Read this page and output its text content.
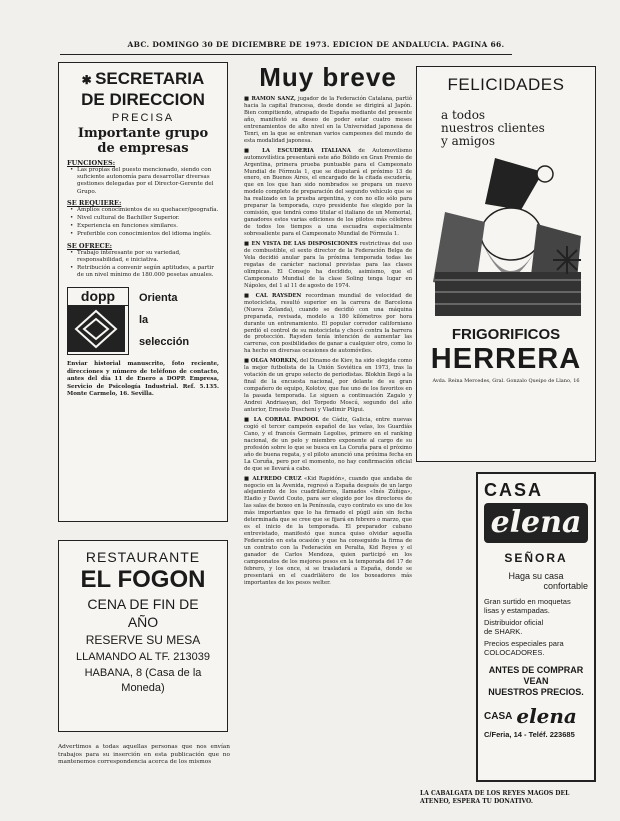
ABC. DOMINGO 30 DE DICIEMBRE DE 1973. EDICION DE ANDALUCIA. PAGINA 66.
✱ SECRETARIA
DE DIRECCION
PRECISA
Importante grupo
de empresas
FUNCIONES:
• Las propias del puesto mencionado, siendo con suficiente autonomía para desarrollar diversas gestiones delegadas por el Director-Gerente del Grupo.
SE REQUIERE:
• Amplios conocimientos de su quehacer/geografía.
• Nivel cultural de Bachiller Superior.
• Experiencia en funciones similares.
• Preferible con conocimientos del idioma inglés.
SE OFRECE:
• Trabajo interesante por su variedad, responsabilidad, e iniciativa.
• Retribución a convenir según aptitudes, a partir de un nivel mínimo de 180.000 pesetas anuales.
dopp	Orienta
la
selección
Enviar historial manuscrito, foto reciente, direcciones y número de teléfono de contacto, antes del día 11 de Enero a DOPP. Empresa, Servicio de Psicología Industrial. Ref. 5.135. Monte Carmelo, 16. Sevilla.
RESTAURANTE
EL FOGON
CENA DE FIN DE
AÑO
RESERVE SU MESA
LLAMANDO AL TF. 213039
HABANA, 8 (Casa de la
Moneda)
Advertimos a todas aquellas personas que nos envían trabajos para su inserción en esta publicación que no mantenemos correspondencia acerca de los mismos
Muy breve

■ RAMON SANZ, jugador de la Federación Catalana, partió hacia la capital francesa, desde donde se dirigirá al Japón. Bien compitiendo, atrapado de España mediante del presente año, manifestó su deseo de poder estar cuatro meses entrenamientos de alto nivel en la Universidad japonesa de Tenri, en la que se entrenan varios campeones del mundo de esta modalidad japonesa.

■ LA ESCUDERIA ITALIANA de Automovilismo automovilística presentará este año Bólido en Gran Premio de Argentina, primera prueba puntuable para el Campeonato Mundial de Fórmula 1, que se disputará el próximo 13 de enero, en Buenos Aires, el encargado de la citada escudería, que en los que han sido nombrados se prepara un nuevo modelo completo de preparación del segundo vehículo que se ha realizado en la prueba argentina, y con no ello sólo para preparar la temporada, cuyo presidente fue elegido por la comisión, que tendrá como titular el italiano de un Memorial, ganadores estos varias ediciones de los pilotos más célebres de todos los tiempos a una escuadra especialmente sobresaliente para el Campeonato Mundial de Fórmula 1.

■ EN VISTA DE LAS DISPOSICIONES restrictivas del uso de combustible, el sexto director de la Federación Belga de Vela decidió anular para la próxima temporada todas las regatas de carácter nacional previstas para las clases olímpicas. El Consejo ha decidido, asimismo, que el Campeonato Mundial de la clase Soling tenga lugar en Nápoles, del 1 al 11 de agosto de 1974.

■ CAL RAYSDEN recordman mundial de velocidad de motocicleta, resultó superior en la carrera de Barcelona (Nueva Zelanda), cuando se decidió con una máquina preparada, revisada, modelo a 180 kilómetros por hora durante un entrenamiento. El popular corredor californiano perdió el control de su motocicleta y chocó contra la barrera de protección. Raysden tenía intención de aumentar las carreras, con posibilidades de ganar a cualquier otro, como lo ha hecho en diversas ocasiones de automóviles.

■ OLGA MORKIN, del Dinamo de Kiev, ha sido elegida como la mejor futbolista de la Unión Soviética en 1973, tras la votación de un grupo selecto de periodistas. Blokhin llegó a la final de la encuesta nacional, por delante de su gran compañero de equipo, Kolotov, que fue uno de los favoritos en la pasada temporada. Le siguen a continuación Zagalo y Andrei Andriasyan, del Torpedo Moscú, segundo del año anterior, Ernesto Duscheni y Vladimir Pilgui.

■ LA CORRAL PADOOL de Cádiz, Galicia, entre nuevas cogió el tercer campeón español de las velas, los Guardiás Cano, y el francés Germain Legoliss, primero en el ranking nacional, de un pelo y miembro exponente al cargo de su profesión sobre lo que se busca en La Coruña para el próximo año de buena regata, y el piloto anunció una próxima fecha en La Coruña, pero por el momento, no hay confirmación oficial de que se llevará a cabo.

■ ALFREDO CRUZ «Kid Rapidón», cuando que andaba de negocio en la Avenida, regresó a España después de un largo alejamiento de los cuadriláteros, llamados «Inés Zúñiga», Eladio y David Couto, para ser elegido por los directores de las salas de boxeo en la Península, cuyo contrato es uno de los más importantes que lo ha firmado el púgil aún sin fecha determinada que se cree que se fijará en febrero o marzo, que es el inicio de la temporada. El preparador cubano entrevistado, manifestó que nunca quiso olvidar aquella Federación en esta ocasión y que ha conseguido la firma de un contrato con la Federación en Peralta, Kid Reyes y el ganador de Carlos Mendoza, quien participó en los campeonatos de los mejores pesos en la temporada del 17 de febrero, y los once, si se trasladará a España, donde se presentará en el cuadrilátero de los boxeadores más importantes de los pesos welter.

FELICIDADES
a todos
nuestros clientes
y amigos
FRIGORIFICOS
HERRERA
Avda. Reina Mercedes, Gral. Gonzalo Queipo de Llano, 16
CASA
elena
SEÑORA
Haga su casa
confortable
Gran surtido en moquetas
lisas y estampadas.
Distribuidor oficial
de SHARK.
Precios especiales para
COLOCADORES.
ANTES DE COMPRAR VEAN
NUESTROS PRECIOS.
CASA elena
C/Feria, 14 - Teléf. 223685
LA CABALGATA DE LOS REYES MAGOS DEL ATENEO, ESPERA TU DONATIVO.
